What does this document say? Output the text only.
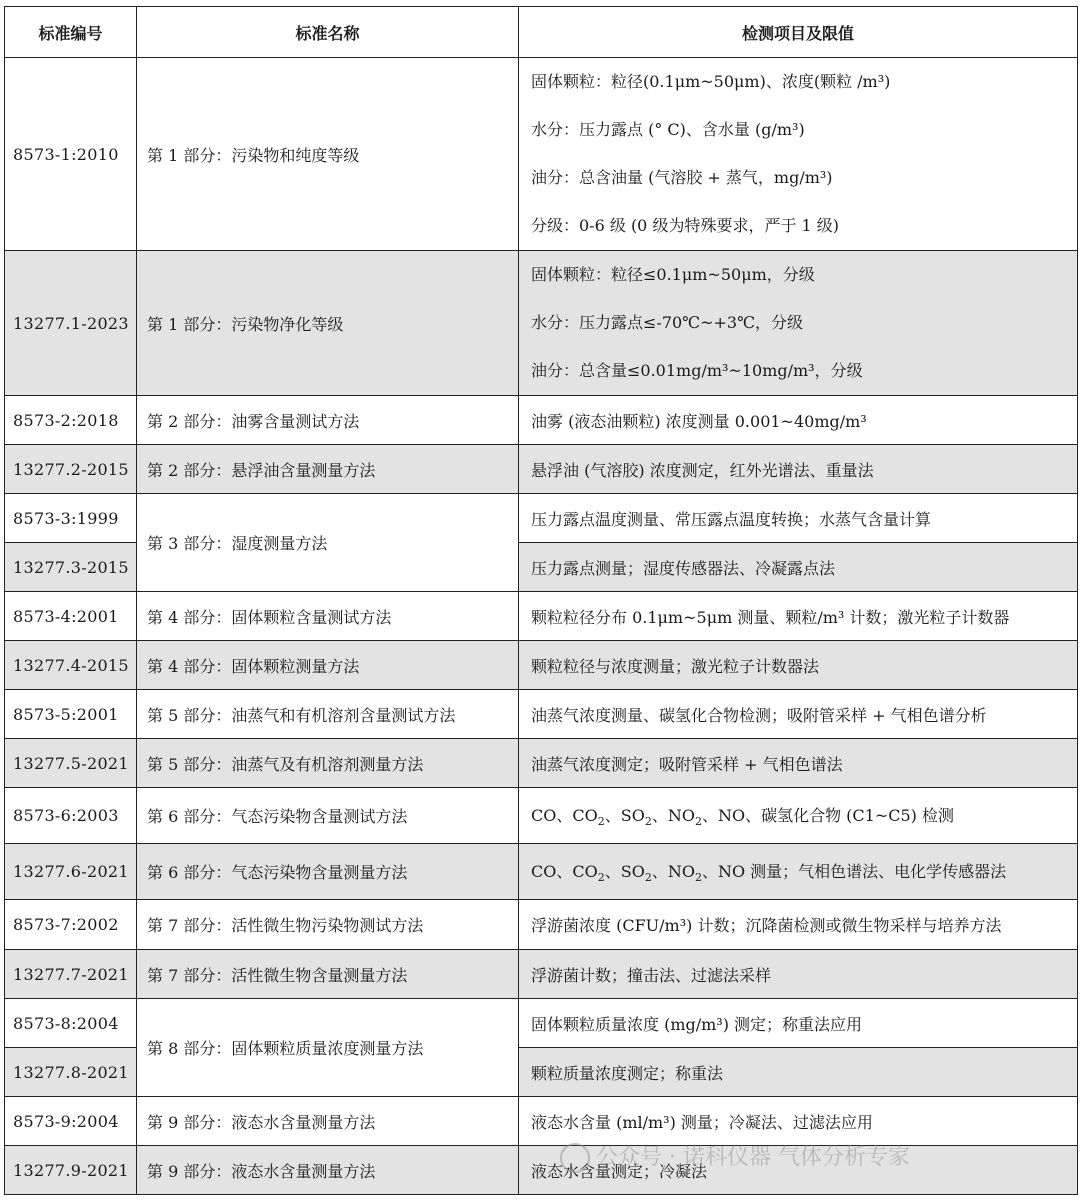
标准编号	标准名称	检测项目及限值
8573-1:2010	第 1 部分：污染物和纯度等级	固体颗粒：粒径(0.1μm~50μm)、浓度(颗粒 /m³)
水分：压力露点 (° C)、含水量 (g/m³)
油分：总含油量 (气溶胶 + 蒸气，mg/m³)
分级：0-6 级 (0 级为特殊要求，严于 1 级)

13277.1-2023	第 1 部分：污染物净化等级	固体颗粒：粒径≤0.1μm~50μm，分级
水分：压力露点≤-70℃~+3℃，分级
油分：总含量≤0.01mg/m³~10mg/m³，分级

8573-2:2018	第 2 部分：油雾含量测试方法	油雾 (液态油颗粒) 浓度测量 0.001~40mg/m³
13277.2-2015	第 2 部分：悬浮油含量测量方法	悬浮油 (气溶胶) 浓度测定，红外光谱法、重量法
8573-3:1999	第 3 部分：湿度测量方法	压力露点温度测量、常压露点温度转换；水蒸气含量计算
13277.3-2015		压力露点测量；湿度传感器法、冷凝露点法
8573-4:2001	第 4 部分：固体颗粒含量测试方法	颗粒粒径分布 0.1μm~5μm 测量、颗粒/m³ 计数；激光粒子计数器
13277.4-2015	第 4 部分：固体颗粒测量方法	颗粒粒径与浓度测量；激光粒子计数器法
8573-5:2001	第 5 部分：油蒸气和有机溶剂含量测试方法	油蒸气浓度测量、碳氢化合物检测；吸附管采样 + 气相色谱分析
13277.5-2021	第 5 部分：油蒸气及有机溶剂测量方法	油蒸气浓度测定；吸附管采样 + 气相色谱法
8573-6:2003	第 6 部分：气态污染物含量测试方法	CO、$CO_2$、$SO_2$、$NO_2$、NO、碳氢化合物 (C1~C5) 检测
13277.6-2021	第 6 部分：气态污染物含量测量方法	CO、$CO_2$、$SO_2$、$NO_2$、NO 测量；气相色谱法、电化学传感器法
8573-7:2002	第 7 部分：活性微生物污染物测试方法	浮游菌浓度 (CFU/m³) 计数；沉降菌检测或微生物采样与培养方法
13277.7-2021	第 7 部分：活性微生物含量测量方法	浮游菌计数；撞击法、过滤法采样
8573-8:2004	第 8 部分：固体颗粒质量浓度测量方法	固体颗粒质量浓度 (mg/m³) 测定；称重法应用
13277.8-2021		颗粒质量浓度测定；称重法
8573-9:2004	第 9 部分：液态水含量测量方法	液态水含量 (ml/m³) 测量；冷凝法、过滤法应用
13277.9-2021	第 9 部分：液态水含量测量方法	液态水含量测定；冷凝法
公众号 · 诺科仪器 气体分析专家
